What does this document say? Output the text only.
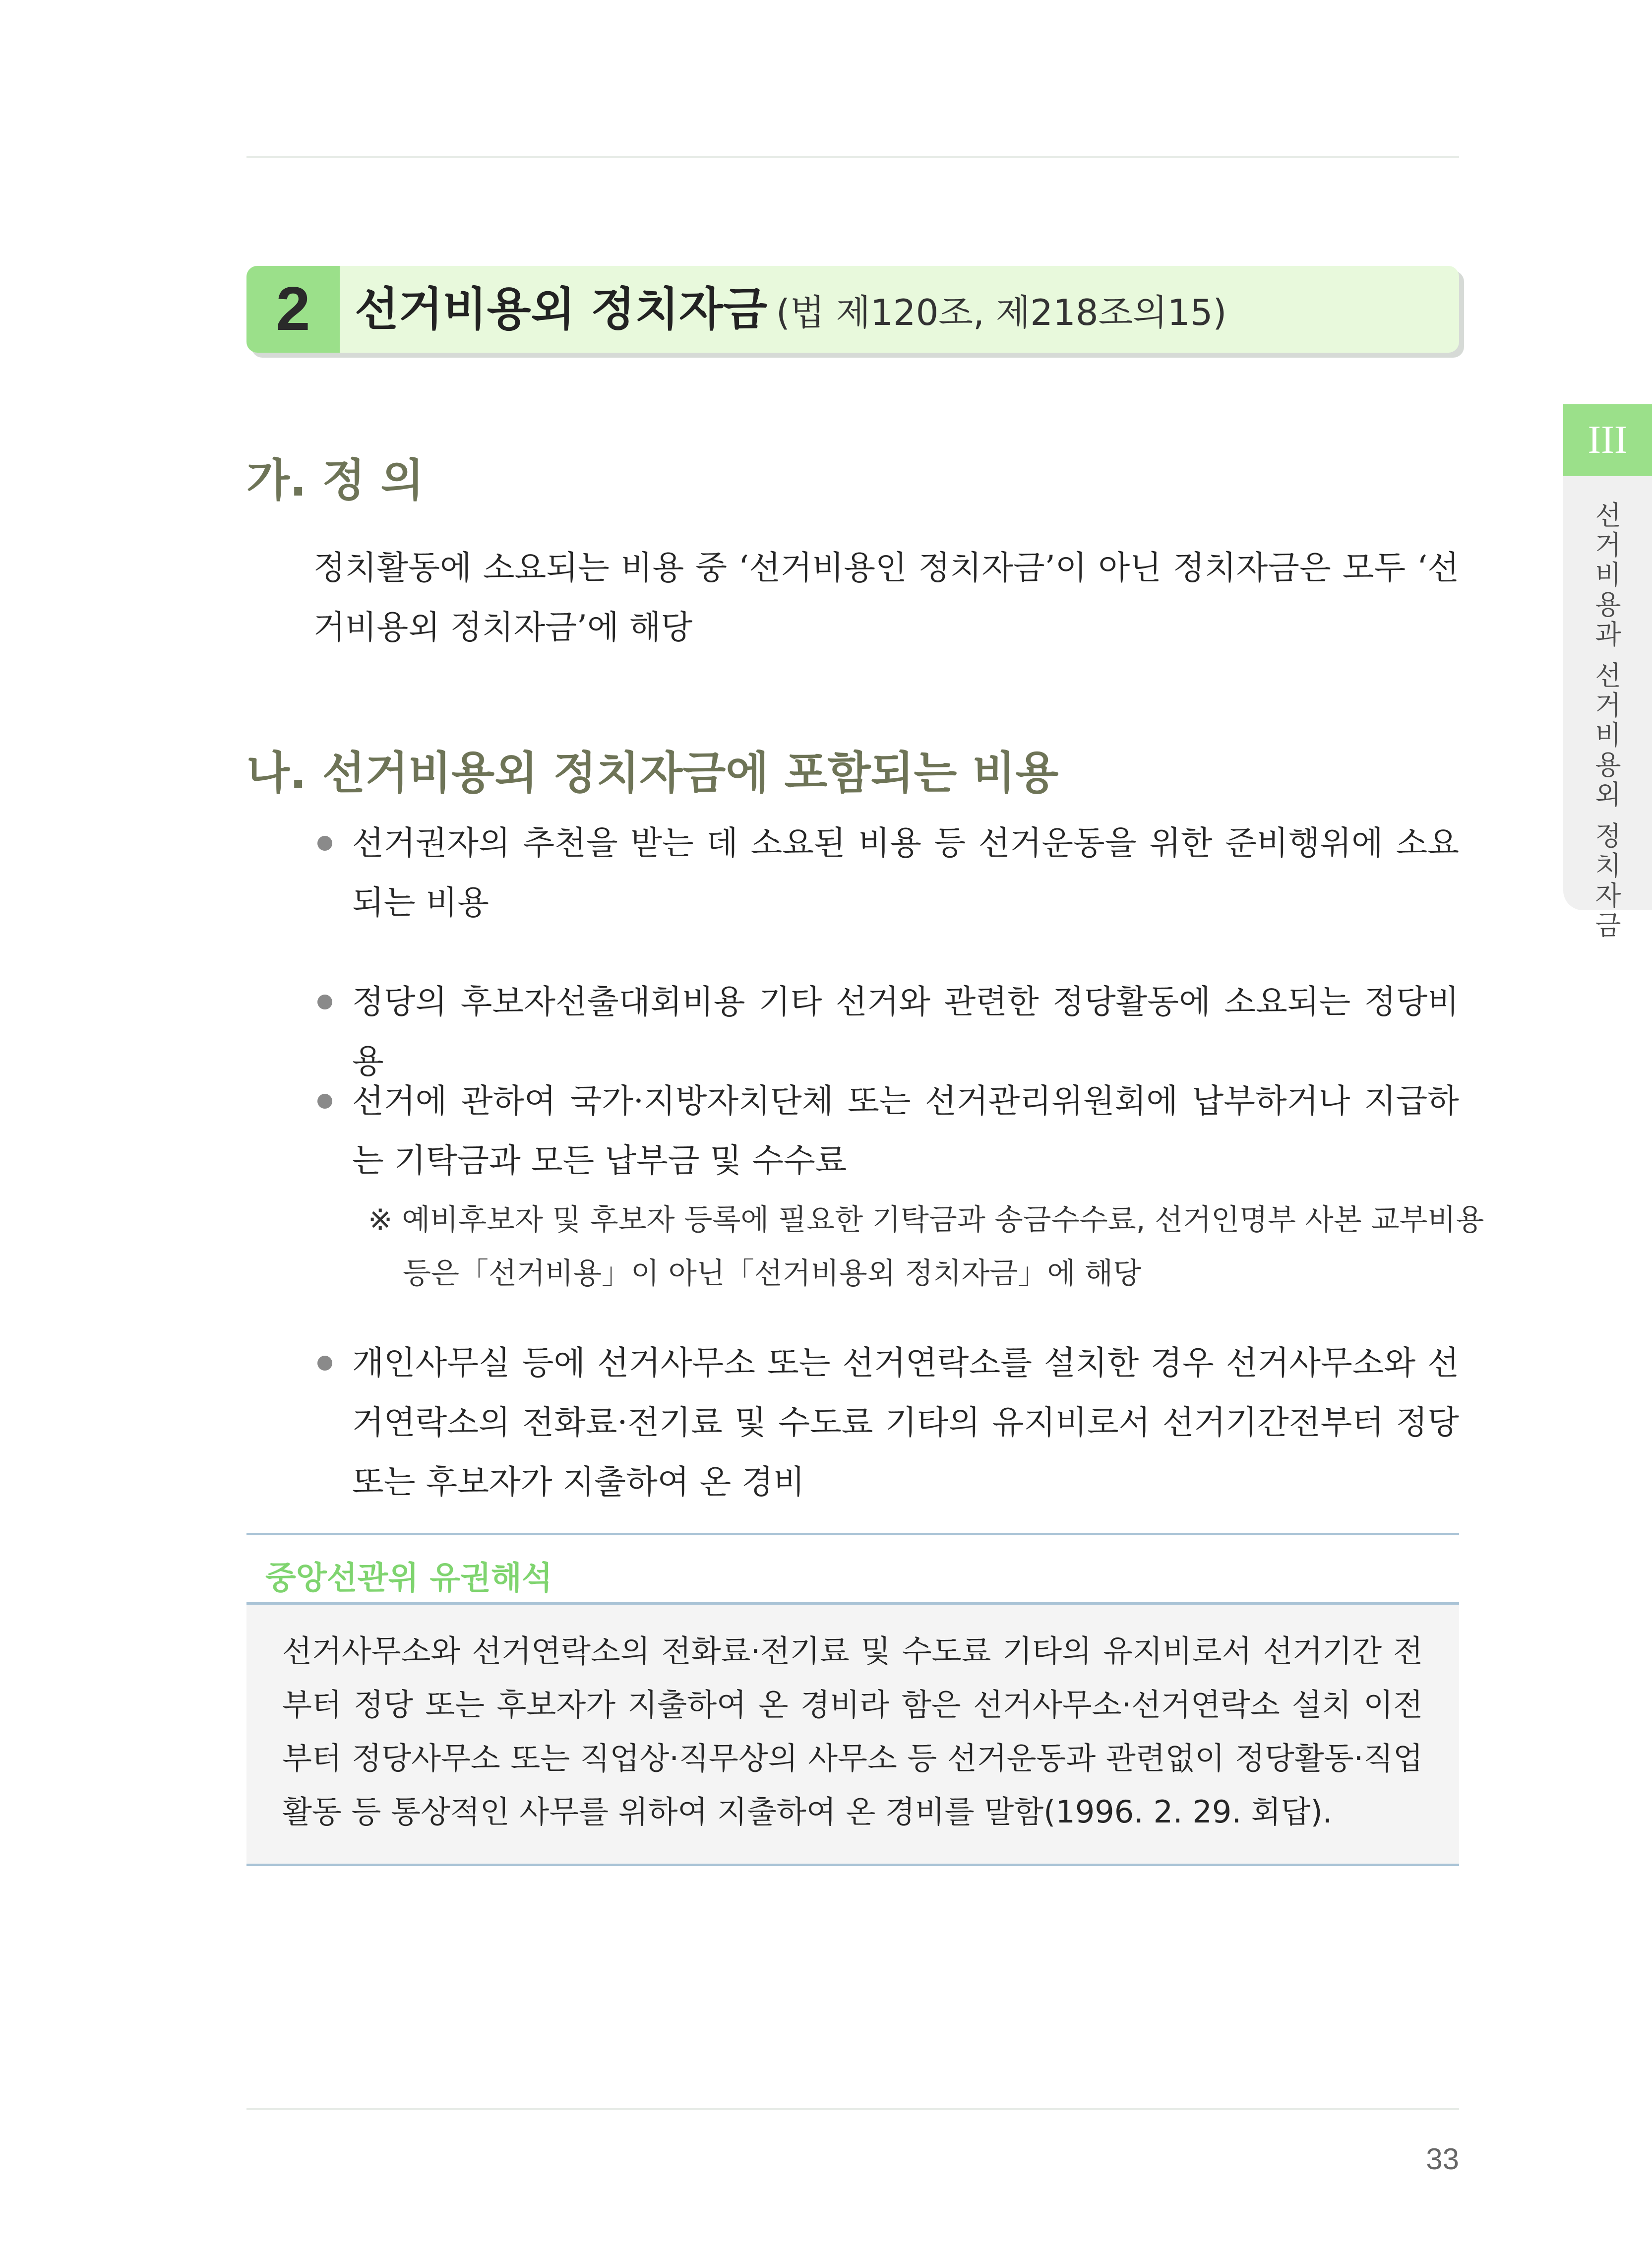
2 선거비용외 정치자금 (법 제120조, 제218조의15)
III
선거비용과 선거비용외 정치자금
가. 정 의
정치활동에 소요되는 비용 중 ‘선거비용인 정치자금’이 아닌 정치자금은 모두 ‘선거비용외 정치자금’에 해당
나. 선거비용외 정치자금에 포함되는 비용
선거권자의 추천을 받는 데 소요된 비용 등 선거운동을 위한 준비행위에 소요되는 비용
정당의 후보자선출대회비용 기타 선거와 관련한 정당활동에 소요되는 정당비용
선거에 관하여 국가·지방자치단체 또는 선거관리위원회에 납부하거나 지급하는 기탁금과 모든 납부금 및 수수료
※ 예비후보자 및 후보자 등록에 필요한 기탁금과 송금수수료, 선거인명부 사본 교부비용
등은「선거비용」이 아닌「선거비용외 정치자금」에 해당
개인사무실 등에 선거사무소 또는 선거연락소를 설치한 경우 선거사무소와 선거연락소의 전화료·전기료 및 수도료 기타의 유지비로서 선거기간전부터 정당 또는 후보자가 지출하여 온 경비
중앙선관위 유권해석
선거사무소와 선거연락소의 전화료·전기료 및 수도료 기타의 유지비로서 선거기간 전부터 정당 또는 후보자가 지출하여 온 경비라 함은 선거사무소·선거연락소 설치 이전부터 정당사무소 또는 직업상·직무상의 사무소 등 선거운동과 관련없이 정당활동·직업활동 등 통상적인 사무를 위하여 지출하여 온 경비를 말함(1996. 2. 29. 회답).
33
